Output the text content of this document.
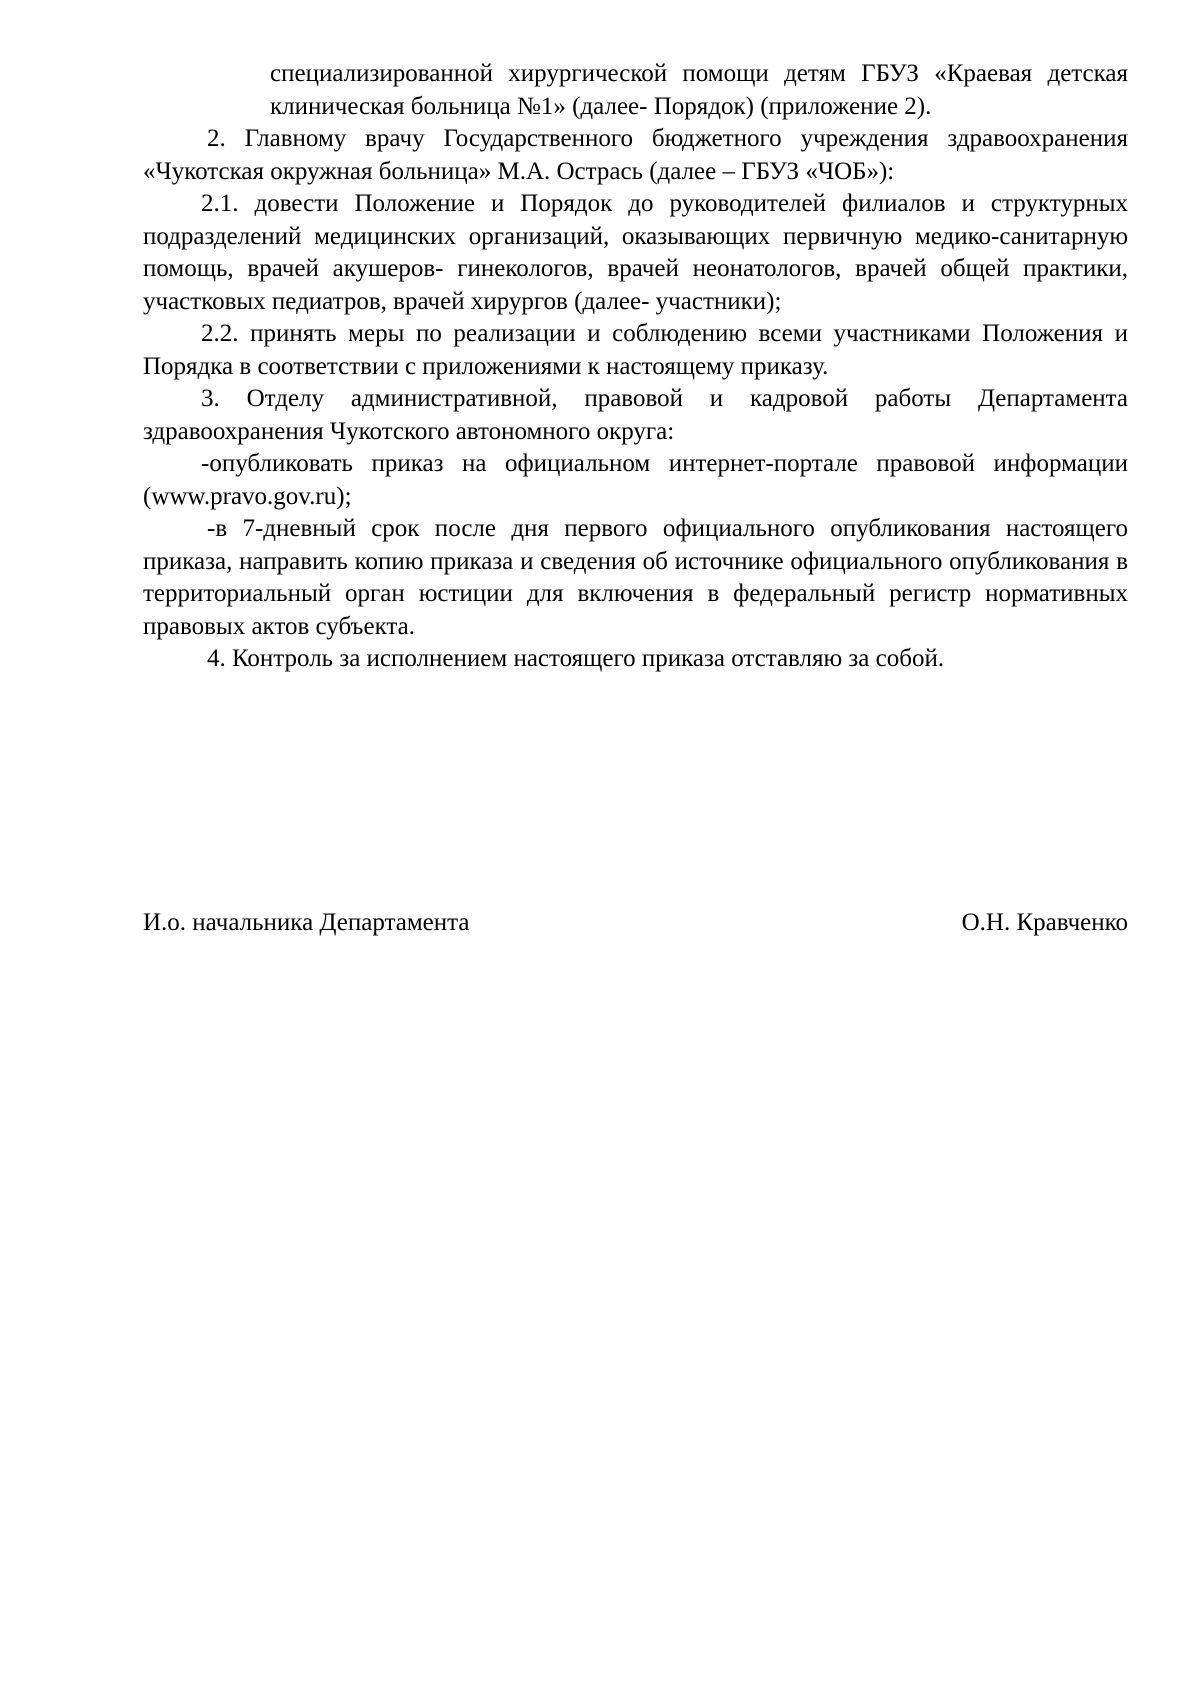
специализированной хирургической помощи детям ГБУЗ «Краевая детская клиническая больница №1» (далее- Порядок) (приложение 2).

2. Главному врачу Государственного бюджетного учреждения здравоохранения «Чукотская окружная больница» М.А. Острась (далее – ГБУЗ «ЧОБ»):

2.1. довести Положение и Порядок до руководителей филиалов и структурных подразделений медицинских организаций, оказывающих первичную медико-санитарную помощь, врачей акушеров- гинекологов, врачей неонатологов, врачей общей практики, участковых педиатров, врачей хирургов (далее- участники);

2.2. принять меры по реализации и соблюдению всеми участниками Положения и Порядка в соответствии с приложениями к настоящему приказу.

3. Отделу административной, правовой и кадровой работы Департамента здравоохранения Чукотского автономного округа:

-опубликовать приказ на официальном интернет-портале правовой информации (www.pravo.gov.ru);

-в 7-дневный срок после дня первого официального опубликования настоящего приказа, направить копию приказа и сведения об источнике официального опубликования в территориальный орган юстиции для включения в федеральный регистр нормативных правовых актов субъекта.

4. Контроль за исполнением настоящего приказа отставляю за собой.

И.о. начальника Департамента	О.Н. Кравченко
